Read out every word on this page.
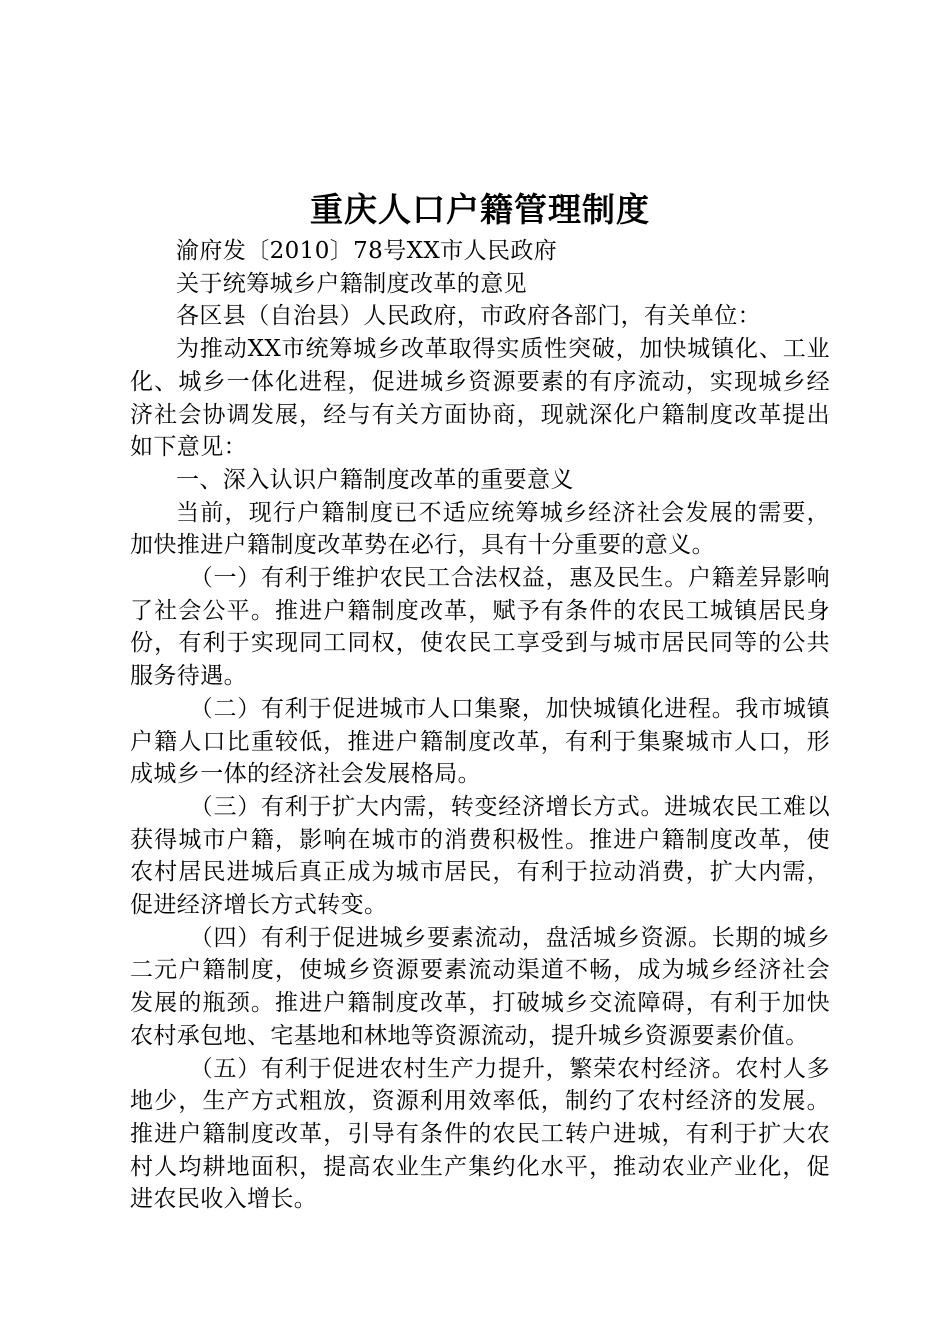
重庆人口户籍管理制度

渝府发〔2010〕78号XX市人民政府

关于统筹城乡户籍制度改革的意见

各区县（自治县）人民政府，市政府各部门，有关单位：

为推动XX市统筹城乡改革取得实质性突破，加快城镇化、工业化、城乡一体化进程，促进城乡资源要素的有序流动，实现城乡经济社会协调发展，经与有关方面协商，现就深化户籍制度改革提出如下意见：

一、深入认识户籍制度改革的重要意义

当前，现行户籍制度已不适应统筹城乡经济社会发展的需要，加快推进户籍制度改革势在必行，具有十分重要的意义。

（一）有利于维护农民工合法权益，惠及民生。户籍差异影响了社会公平。推进户籍制度改革，赋予有条件的农民工城镇居民身份，有利于实现同工同权，使农民工享受到与城市居民同等的公共服务待遇。

（二）有利于促进城市人口集聚，加快城镇化进程。我市城镇户籍人口比重较低，推进户籍制度改革，有利于集聚城市人口，形成城乡一体的经济社会发展格局。

（三）有利于扩大内需，转变经济增长方式。进城农民工难以获得城市户籍，影响在城市的消费积极性。推进户籍制度改革，使农村居民进城后真正成为城市居民，有利于拉动消费，扩大内需，促进经济增长方式转变。

（四）有利于促进城乡要素流动，盘活城乡资源。长期的城乡二元户籍制度，使城乡资源要素流动渠道不畅，成为城乡经济社会发展的瓶颈。推进户籍制度改革，打破城乡交流障碍，有利于加快农村承包地、宅基地和林地等资源流动，提升城乡资源要素价值。

（五）有利于促进农村生产力提升，繁荣农村经济。农村人多地少，生产方式粗放，资源利用效率低，制约了农村经济的发展。推进户籍制度改革，引导有条件的农民工转户进城，有利于扩大农村人均耕地面积，提高农业生产集约化水平，推动农业产业化，促进农民收入增长。
